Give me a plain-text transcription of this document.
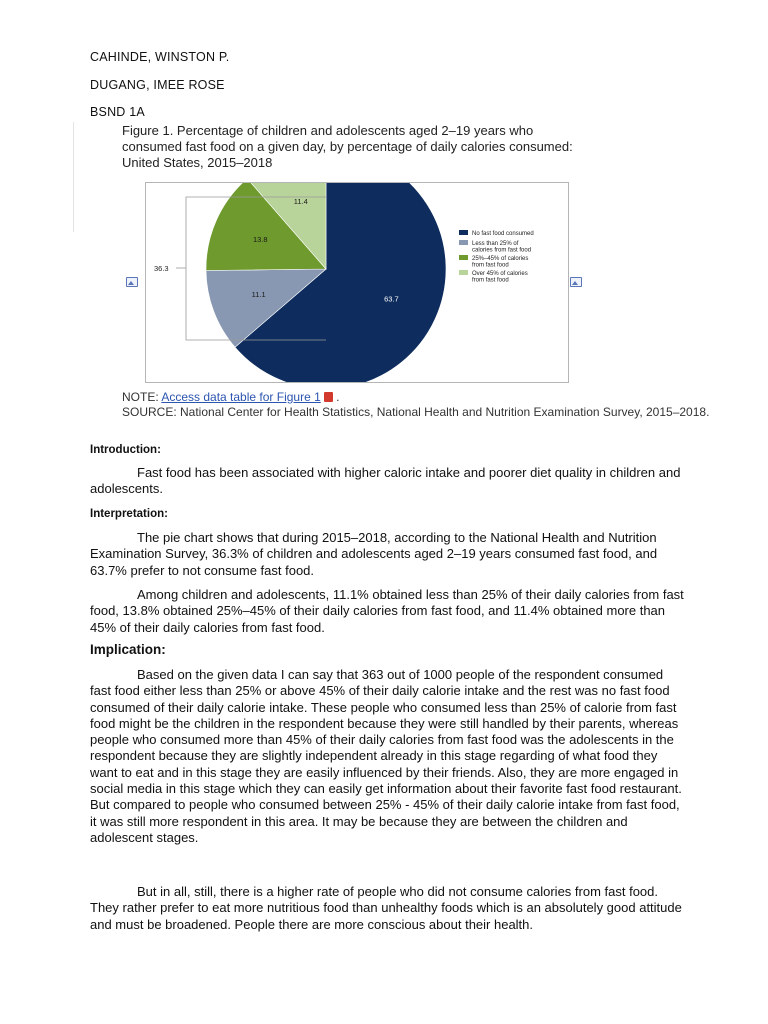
CAHINDE, WINSTON P.
DUGANG, IMEE ROSE
BSND 1A
Figure 1. Percentage of children and adolescents aged 2–19 years who consumed fast food on a given day, by percentage of daily calories consumed: United States, 2015–2018
36.3
63.7
11.1
13.8
11.4
No fast food consumed
Less than 25% of
calories from fast food
25%–45% of calories
from fast food
Over 45% of calories
from fast food
NOTE: Access data table for Figure 1 .
SOURCE: National Center for Health Statistics, National Health and Nutrition Examination Survey, 2015–2018.
Introduction:

Fast food has been associated with higher caloric intake and poorer diet quality in children and adolescents.

Interpretation:

The pie chart shows that during 2015–2018, according to the National Health and Nutrition Examination Survey, 36.3% of children and adolescents aged 2–19 years consumed fast food, and 63.7% prefer to not consume fast food.

Among children and adolescents, 11.1% obtained less than 25% of their daily calories from fast food, 13.8% obtained 25%–45% of their daily calories from fast food, and 11.4% obtained more than 45% of their daily calories from fast food.

Implication:

Based on the given data I can say that 363 out of 1000 people of the respondent consumed fast food either less than 25% or above 45% of their daily calorie intake and the rest was no fast food consumed of their daily calorie intake. These people who consumed less than 25% of calorie from fast food might be the children in the respondent because they were still handled by their parents, whereas people who consumed more than 45% of their daily calories from fast food was the adolescents in the respondent because they are slightly independent already in this stage regarding of what food they want to eat and in this stage they are easily influenced by their friends. Also, they are more engaged in social media in this stage which they can easily get information about their favorite fast food restaurant. But compared to people who consumed between 25% - 45% of their daily calorie intake from fast food, it was still more respondent in this area. It may be because they are between the children and adolescent stages.

But in all, still, there is a higher rate of people who did not consume calories from fast food. They rather prefer to eat more nutritious food than unhealthy foods which is an absolutely good attitude and must be broadened. People there are more conscious about their health.
